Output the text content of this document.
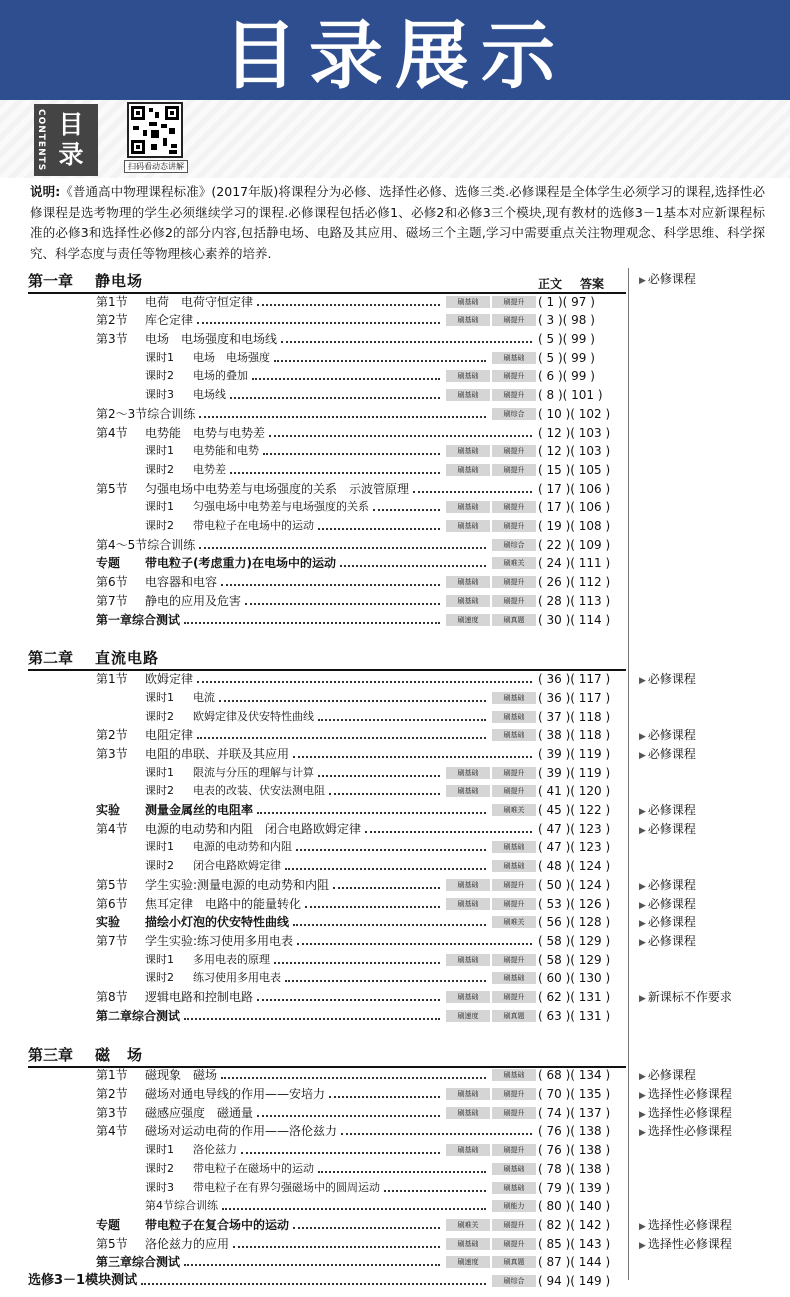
目录展示
CONTENTS 目录	扫码看动态讲解
说明:《普通高中物理课程标准》(2017年版)将课程分为必修、选择性必修、选修三类.必修课程是全体学生必须学习的课程,选择性必修课程是选考物理的学生必须继续学习的课程.必修课程包括必修1、必修2和必修3三个模块,现有教材的选修3－1基本对应新课程标准的必修3和选择性必修2的部分内容,包括静电场、电路及其应用、磁场三个主题,学习中需要重点关注物理观念、科学思维、科学探究、科学态度与责任等物理核心素养的培养.
正文 答案
第一章 静电场	▶ 必修课程
第1节 电荷　电荷守恒定律	刷基础	刷提升	( 1 )( 97 )
第2节 库仑定律	刷基础	刷提升	( 3 )( 98 )
第3节 电场　电场强度和电场线	( 5 )( 99 )
课时1 电场　电场强度	刷基础	( 5 )( 99 )
课时2 电场的叠加	刷基础	刷提升	( 6 )( 99 )
课时3 电场线	刷基础	刷提升	( 8 )( 101 )
第2～3节综合训练	刷综合	( 10 )( 102 )
第4节 电势能　电势与电势差	( 12 )( 103 )
课时1 电势能和电势	刷基础	刷提升	( 12 )( 103 )
课时2 电势差	刷基础	刷提升	( 15 )( 105 )
第5节 匀强电场中电势差与电场强度的关系　示波管原理	( 17 )( 106 )
课时1 匀强电场中电势差与电场强度的关系	刷基础	刷提升	( 17 )( 106 )
课时2 带电粒子在电场中的运动	刷基础	刷提升	( 19 )( 108 )
第4～5节综合训练	刷综合	( 22 )( 109 )
专题 带电粒子(考虑重力)在电场中的运动	刷难关	( 24 )( 111 )
第6节 电容器和电容	刷基础	刷提升	( 26 )( 112 )
第7节 静电的应用及危害	刷基础	刷提升	( 28 )( 113 )
第一章综合测试	刷速度	刷真题	( 30 )( 114 )
第二章 直流电路
第1节 欧姆定律	( 36 )( 117 )	▶ 必修课程
课时1 电流	刷基础	( 36 )( 117 )
课时2 欧姆定律及伏安特性曲线	刷基础	( 37 )( 118 )
第2节 电阻定律	刷基础	( 38 )( 118 )	▶ 必修课程
第3节 电阻的串联、并联及其应用	( 39 )( 119 )	▶ 必修课程
课时1 限流与分压的理解与计算	刷基础	刷提升	( 39 )( 119 )
课时2 电表的改装、伏安法测电阻	刷基础	刷提升	( 41 )( 120 )
实验 测量金属丝的电阻率	刷难关	( 45 )( 122 )	▶ 必修课程
第4节 电源的电动势和内阻　闭合电路欧姆定律	( 47 )( 123 )	▶ 必修课程
课时1 电源的电动势和内阻	刷基础	( 47 )( 123 )
课时2 闭合电路欧姆定律	刷基础	( 48 )( 124 )
第5节 学生实验:测量电源的电动势和内阻	刷基础	刷提升	( 50 )( 124 )	▶ 必修课程
第6节 焦耳定律　电路中的能量转化	刷基础	刷提升	( 53 )( 126 )	▶ 必修课程
实验 描绘小灯泡的伏安特性曲线	刷难关	( 56 )( 128 )	▶ 必修课程
第7节 学生实验:练习使用多用电表	( 58 )( 129 )	▶ 必修课程
课时1 多用电表的原理	刷基础	刷提升	( 58 )( 129 )
课时2 练习使用多用电表	刷基础	( 60 )( 130 )
第8节 逻辑电路和控制电路	刷基础	刷提升	( 62 )( 131 )	▶ 新课标不作要求
第二章综合测试	刷速度	刷真题	( 63 )( 131 )
第三章 磁　场
第1节 磁现象　磁场	刷基础	( 68 )( 134 )	▶ 必修课程
第2节 磁场对通电导线的作用——安培力	刷基础	刷提升	( 70 )( 135 )	▶ 选择性必修课程
第3节 磁感应强度　磁通量	刷基础	刷提升	( 74 )( 137 )	▶ 选择性必修课程
第4节 磁场对运动电荷的作用——洛伦兹力	( 76 )( 138 )	▶ 选择性必修课程
课时1 洛伦兹力	刷基础	刷提升	( 76 )( 138 )
课时2 带电粒子在磁场中的运动	刷基础	( 78 )( 138 )
课时3 带电粒子在有界匀强磁场中的圆周运动	刷基础	( 79 )( 139 )
第4节综合训练	刷能力	( 80 )( 140 )
专题 带电粒子在复合场中的运动	刷难关	刷提升	( 82 )( 142 )	▶ 选择性必修课程
第5节 洛伦兹力的应用	刷基础	刷提升	( 85 )( 143 )	▶ 选择性必修课程
第三章综合测试	刷速度	刷真题	( 87 )( 144 )
选修3－1模块测试	刷综合	( 94 )( 149 )
